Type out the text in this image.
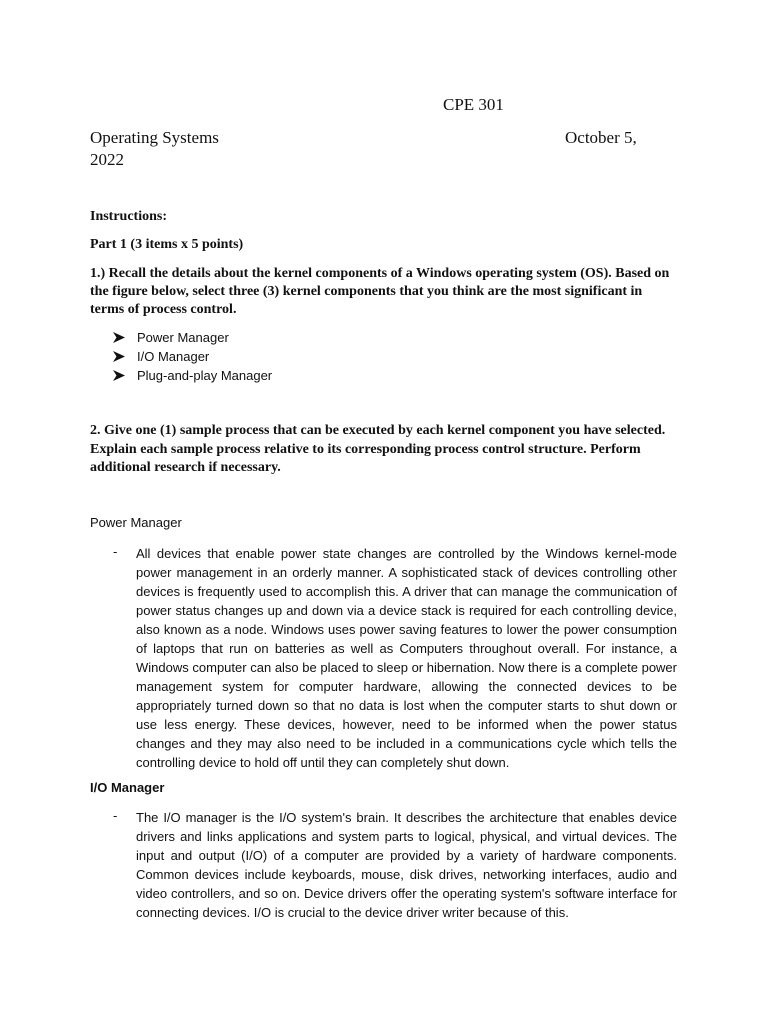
CPE 301
Operating Systems	October 5,
2022
Instructions:
Part 1 (3 items x 5 points)
1.) Recall the details about the kernel components of a Windows operating system (OS). Based on the figure below, select three (3) kernel components that you think are the most significant in terms of process control.
Power Manager
I/O Manager
Plug-and-play Manager
2. Give one (1) sample process that can be executed by each kernel component you have selected. Explain each sample process relative to its corresponding process control structure. Perform additional research if necessary.
Power Manager
- All devices that enable power state changes are controlled by the Windows kernel-mode power management in an orderly manner. A sophisticated stack of devices controlling other devices is frequently used to accomplish this. A driver that can manage the communication of power status changes up and down via a device stack is required for each controlling device, also known as a node. Windows uses power saving features to lower the power consumption of laptops that run on batteries as well as Computers throughout overall. For instance, a Windows computer can also be placed to sleep or hibernation. Now there is a complete power management system for computer hardware, allowing the connected devices to be appropriately turned down so that no data is lost when the computer starts to shut down or use less energy. These devices, however, need to be informed when the power status changes and they may also need to be included in a communications cycle which tells the controlling device to hold off until they can completely shut down.
I/O Manager
- The I/O manager is the I/O system's brain. It describes the architecture that enables device drivers and links applications and system parts to logical, physical, and virtual devices. The input and output (I/O) of a computer are provided by a variety of hardware components. Common devices include keyboards, mouse, disk drives, networking interfaces, audio and video controllers, and so on. Device drivers offer the operating system's software interface for connecting devices. I/O is crucial to the device driver writer because of this.
